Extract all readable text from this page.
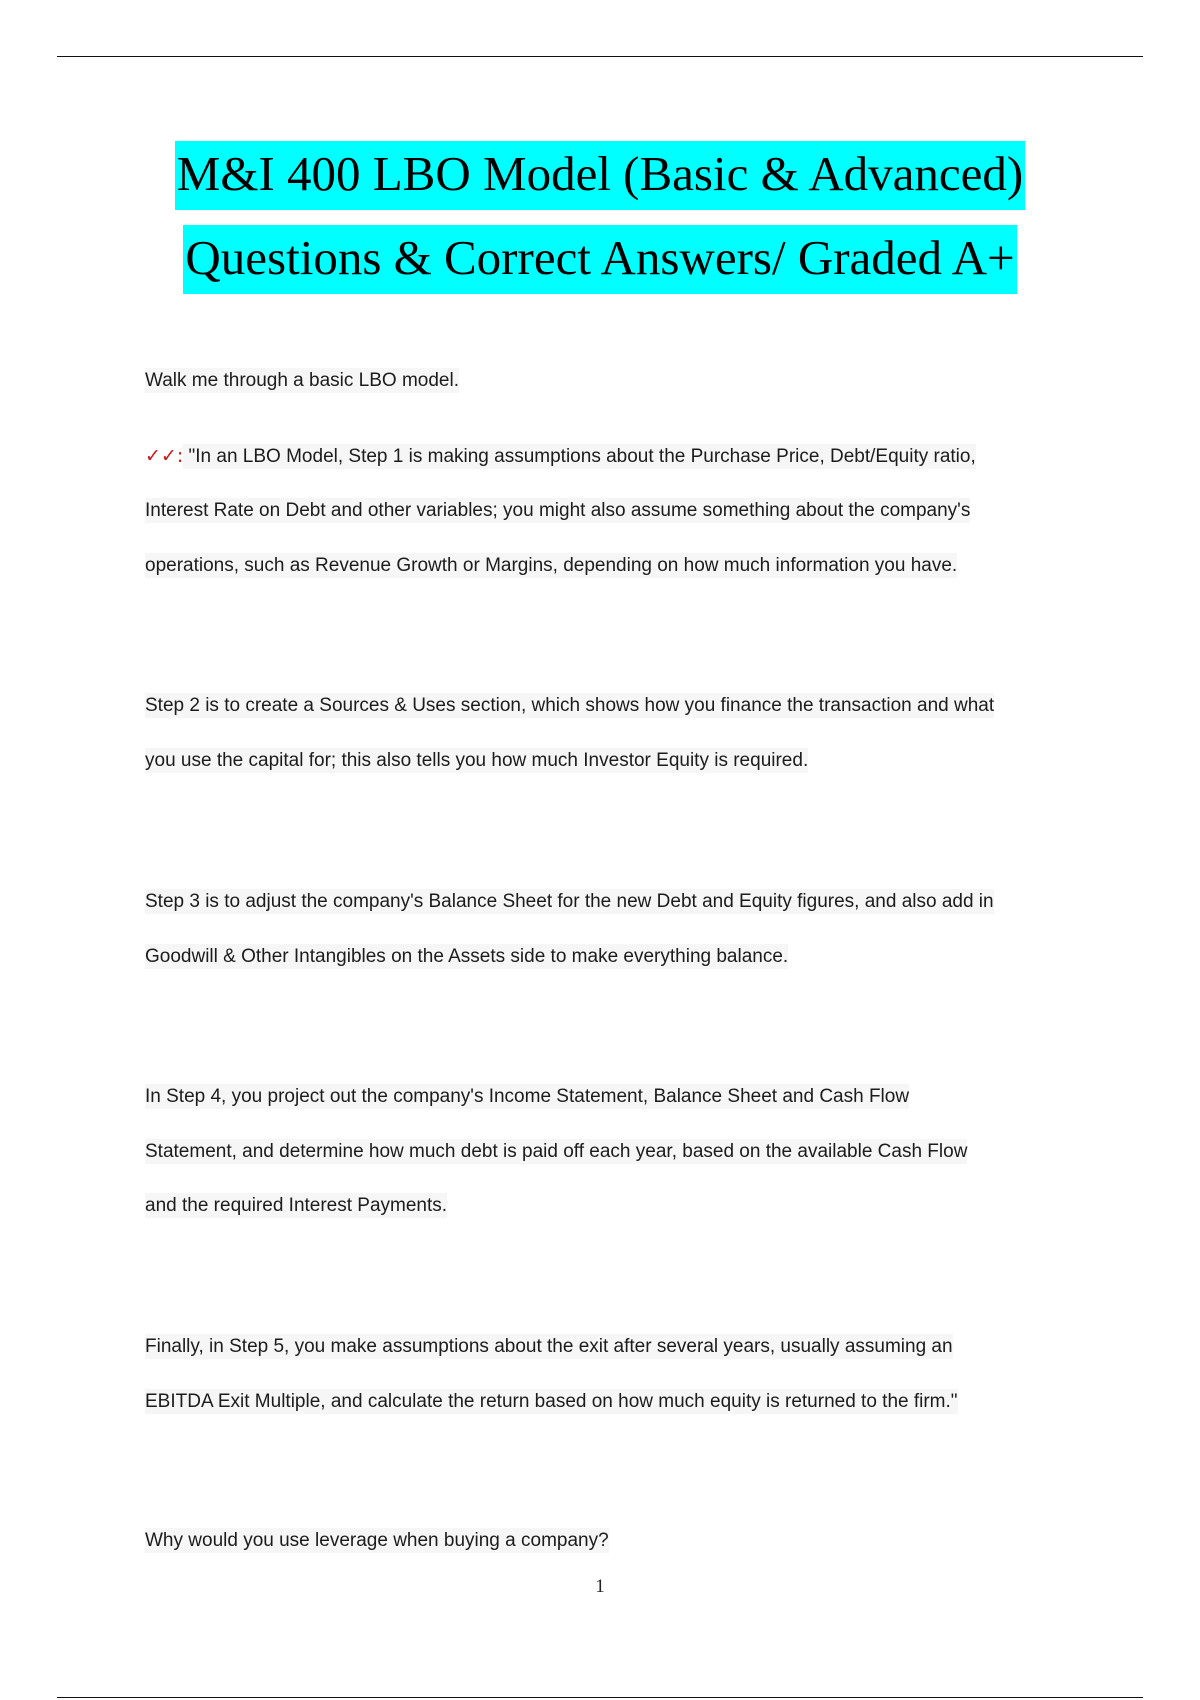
M&I 400 LBO Model (Basic & Advanced)
Questions & Correct Answers/ Graded A+
Walk me through a basic LBO model.
✓✓: "In an LBO Model, Step 1 is making assumptions about the Purchase Price, Debt/Equity ratio,
Interest Rate on Debt and other variables; you might also assume something about the company's
operations, such as Revenue Growth or Margins, depending on how much information you have.
Step 2 is to create a Sources & Uses section, which shows how you finance the transaction and what
you use the capital for; this also tells you how much Investor Equity is required.
Step 3 is to adjust the company's Balance Sheet for the new Debt and Equity figures, and also add in
Goodwill & Other Intangibles on the Assets side to make everything balance.
In Step 4, you project out the company's Income Statement, Balance Sheet and Cash Flow
Statement, and determine how much debt is paid off each year, based on the available Cash Flow
and the required Interest Payments.
Finally, in Step 5, you make assumptions about the exit after several years, usually assuming an
EBITDA Exit Multiple, and calculate the return based on how much equity is returned to the firm."
Why would you use leverage when buying a company?
1
